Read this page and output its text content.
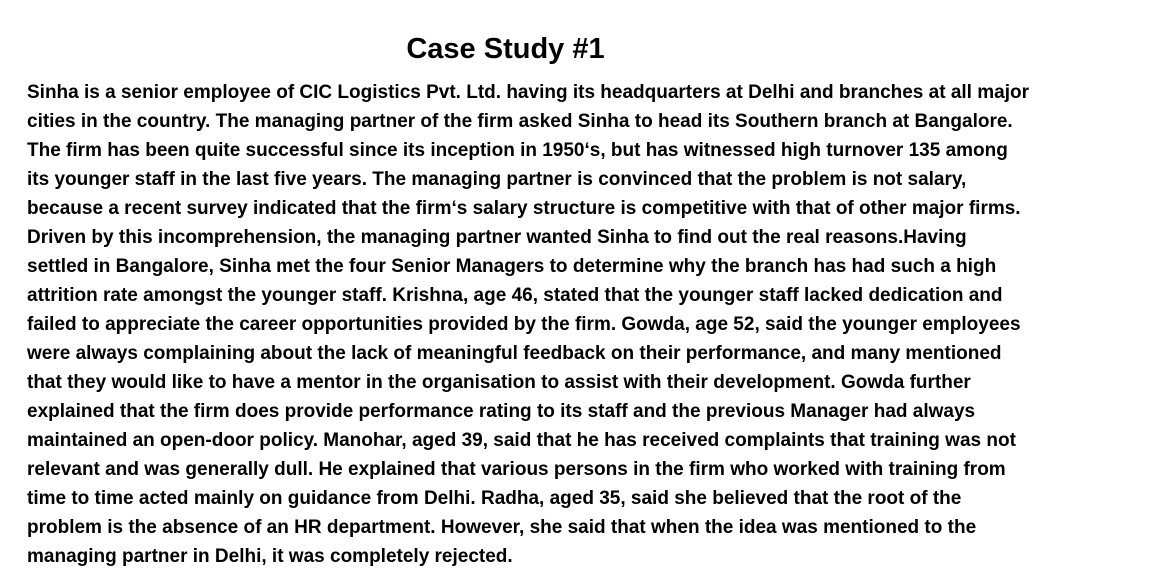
Case Study #1
Sinha is a senior employee of CIC Logistics Pvt. Ltd. having its headquarters at Delhi and branches at all major
cities in the country. The managing partner of the firm asked Sinha to head its Southern branch at Bangalore.
The firm has been quite successful since its inception in 1950‘s, but has witnessed high turnover 135 among
its younger staff in the last five years. The managing partner is convinced that the problem is not salary,
because a recent survey indicated that the firm‘s salary structure is competitive with that of other major firms.
Driven by this incomprehension, the managing partner wanted Sinha to find out the real reasons.Having
settled in Bangalore, Sinha met the four Senior Managers to determine why the branch has had such a high
attrition rate amongst the younger staff. Krishna, age 46, stated that the younger staff lacked dedication and
failed to appreciate the career opportunities provided by the firm. Gowda, age 52, said the younger employees
were always complaining about the lack of meaningful feedback on their performance, and many mentioned
that they would like to have a mentor in the organisation to assist with their development. Gowda further
explained that the firm does provide performance rating to its staff and the previous Manager had always
maintained an open-door policy. Manohar, aged 39, said that he has received complaints that training was not
relevant and was generally dull. He explained that various persons in the firm who worked with training from
time to time acted mainly on guidance from Delhi. Radha, aged 35, said she believed that the root of the
problem is the absence of an HR department. However, she said that when the idea was mentioned to the
managing partner in Delhi, it was completely rejected.
